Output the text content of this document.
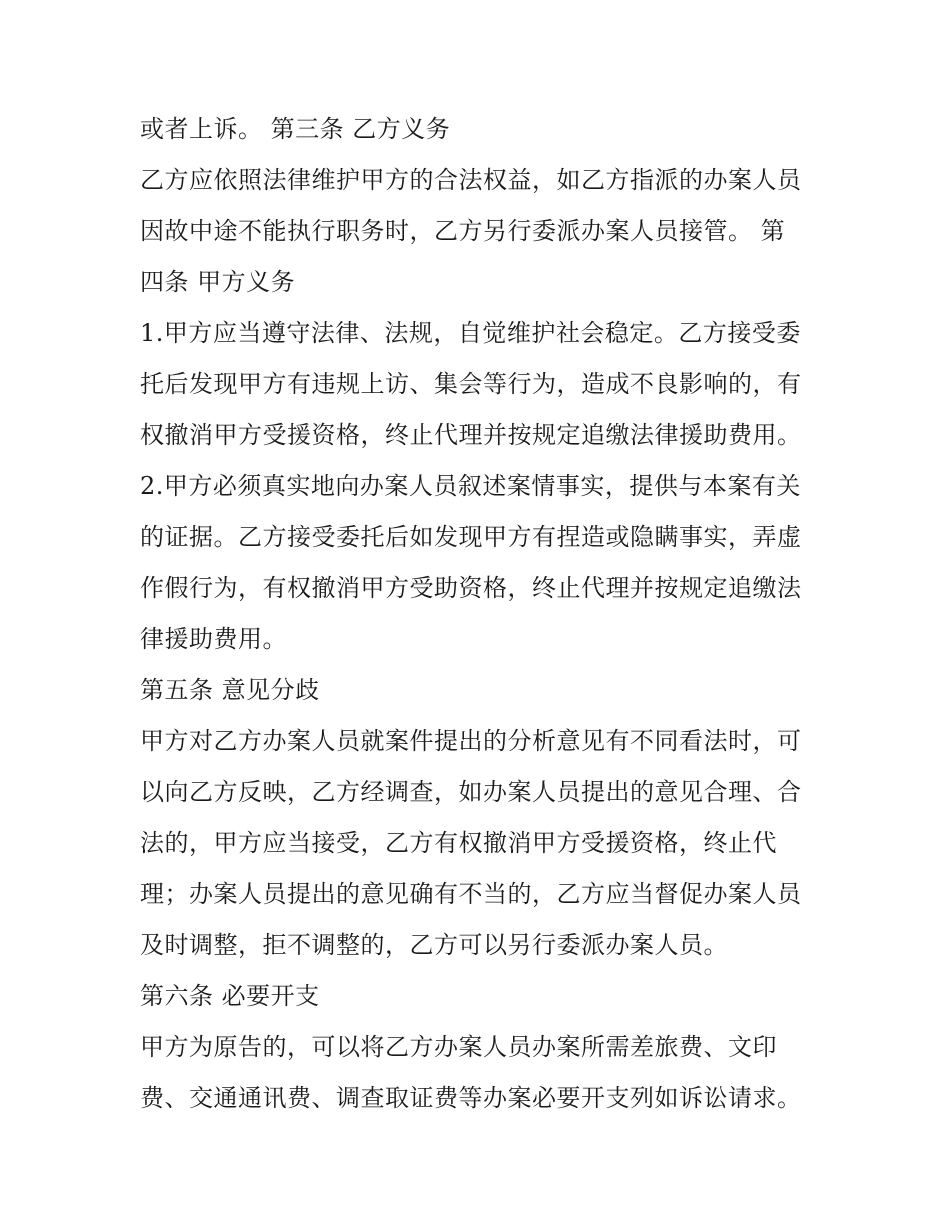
或者上诉。 第三条 乙方义务
乙方应依照法律维护甲方的合法权益，如乙方指派的办案人员
因故中途不能执行职务时，乙方另行委派办案人员接管。 第
四条 甲方义务
1.甲方应当遵守法律、法规，自觉维护社会稳定。乙方接受委
托后发现甲方有违规上访、集会等行为，造成不良影响的，有
权撤消甲方受援资格，终止代理并按规定追缴法律援助费用。
2.甲方必须真实地向办案人员叙述案情事实，提供与本案有关
的证据。乙方接受委托后如发现甲方有捏造或隐瞒事实，弄虚
作假行为，有权撤消甲方受助资格，终止代理并按规定追缴法
律援助费用。
第五条 意见分歧
甲方对乙方办案人员就案件提出的分析意见有不同看法时，可
以向乙方反映，乙方经调查，如办案人员提出的意见合理、合
法的，甲方应当接受，乙方有权撤消甲方受援资格，终止代
理；办案人员提出的意见确有不当的，乙方应当督促办案人员
及时调整，拒不调整的，乙方可以另行委派办案人员。
第六条 必要开支
甲方为原告的，可以将乙方办案人员办案所需差旅费、文印
费、交通通讯费、调查取证费等办案必要开支列如诉讼请求。
